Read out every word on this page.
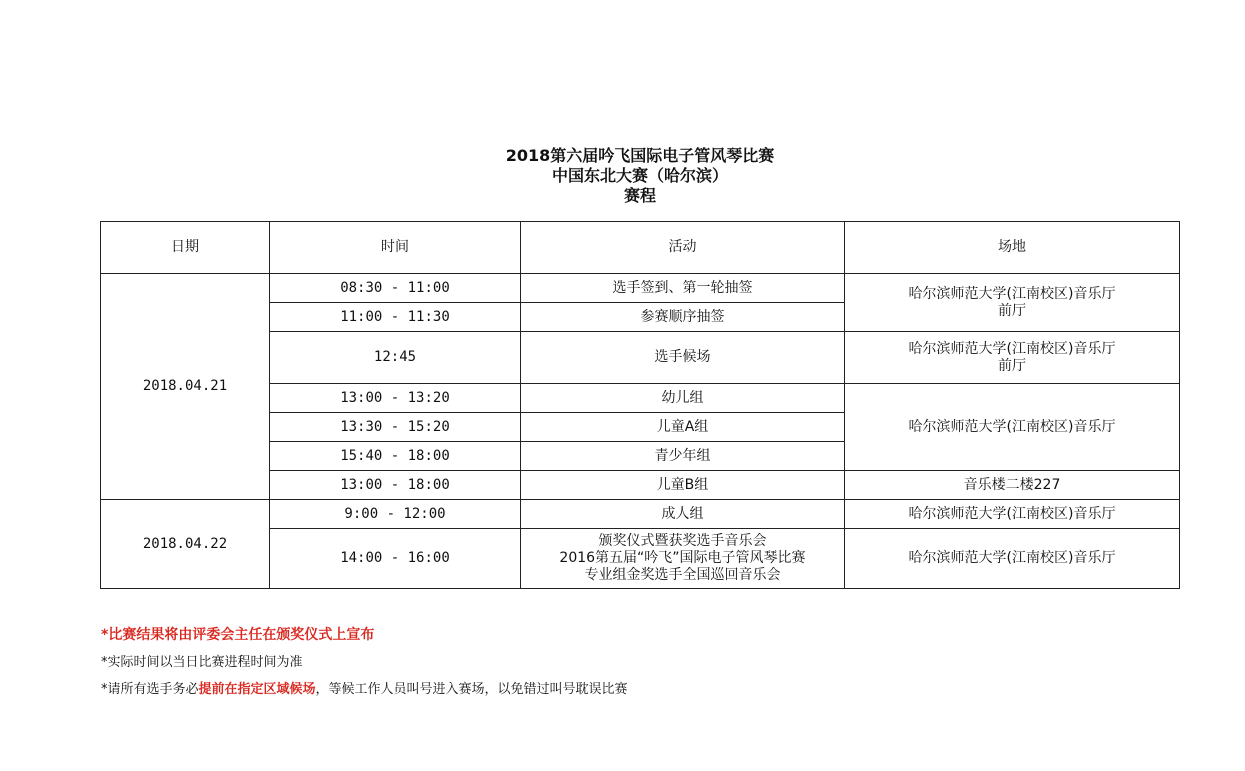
2018第六届吟飞国际电子管风琴比赛
中国东北大赛（哈尔滨）
赛程
日期	时间	活动	场地
2018.04.21	08:30 - 11:00	选手签到、第一轮抽签	哈尔滨师范大学(江南校区)音乐厅
前厅

	11:00 - 11:30	参赛顺序抽签	
	12:45	选手候场	哈尔滨师范大学(江南校区)音乐厅
前厅

	13:00 - 13:20	幼儿组	哈尔滨师范大学(江南校区)音乐厅
	13:30 - 15:20	儿童A组	
	15:40 - 18:00	青少年组	
	13:00 - 18:00	儿童B组	音乐楼二楼227
2018.04.22	9:00 - 12:00	成人组	哈尔滨师范大学(江南校区)音乐厅
	14:00 - 16:00	颁奖仪式暨获奖选手音乐会
2016第五届“吟飞”国际电子管风琴比赛
专业组金奖选手全国巡回音乐会	哈尔滨师范大学(江南校区)音乐厅
*比赛结果将由评委会主任在颁奖仪式上宣布
*实际时间以当日比赛进程时间为准
*请所有选手务必提前在指定区域候场，等候工作人员叫号进入赛场，以免错过叫号耽误比赛
